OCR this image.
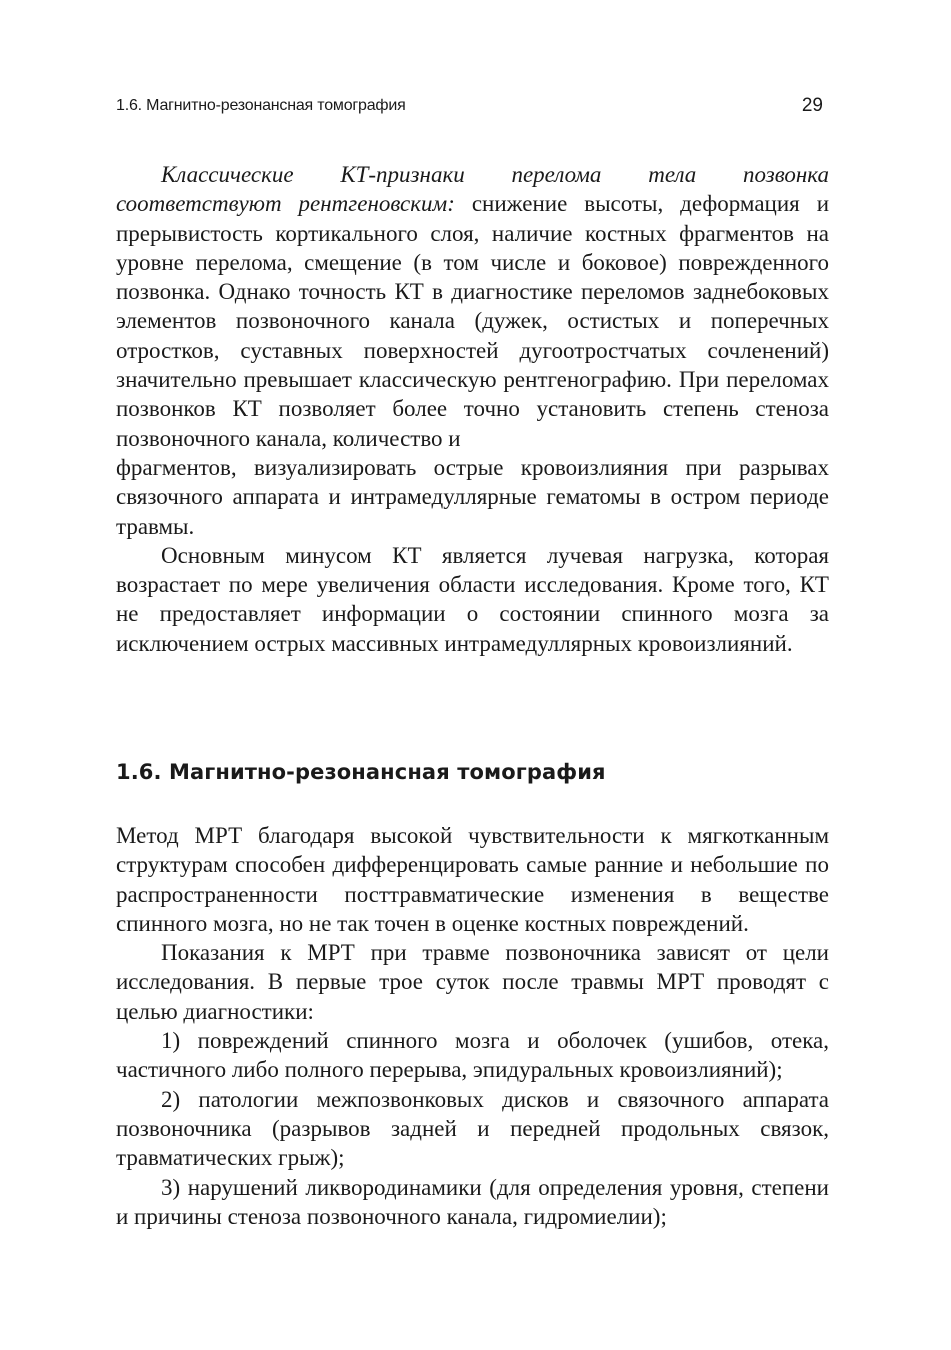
1.6. Магнитно-резонансная томография	29

Классические КТ-признаки перелома тела позвонка соответствуют рентгеновским: снижение высоты, деформация и прерывистость кортикального слоя, наличие костных фрагментов на уровне перелома, смещение (в том числе и боковое) поврежденного позвонка. Однако точность КТ в диагностике переломов заднебоковых элементов позвоночного канала (дужек, остистых и поперечных отростков, суставных поверхностей дугоотростчатых сочленений) значительно превышает классическую рентгенографию. При переломах позвонков КТ позволяет более точно установить степень стеноза позвоночного канала, количество и

фрагментов, визуализировать острые кровоизлияния при разрывах связочного аппарата и интрамедуллярные гематомы в остром периоде травмы.

Основным минусом КТ является лучевая нагрузка, которая возрастает по мере увеличения области исследования. Кроме того, КТ не предоставляет информации о состоянии спинного мозга за исключением острых массивных интрамедуллярных кровоизлияний.

1.6. Магнитно-резонансная томография

Метод МРТ благодаря высокой чувствительности к мягкотканным структурам способен дифференцировать самые ранние и небольшие по распространенности посттравматические изменения в веществе спинного мозга, но не так точен в оценке костных повреждений.

Показания к МРТ при травме позвоночника зависят от цели исследования. В первые трое суток после травмы МРТ проводят с целью диагностики:

1) повреждений спинного мозга и оболочек (ушибов, отека, частичного либо полного перерыва, эпидуральных кровоизлияний);

2) патологии межпозвонковых дисков и связочного аппарата позвоночника (разрывов задней и передней продольных связок, травматических грыж);

3) нарушений ликвородинамики (для определения уровня, степени и причины стеноза позвоночного канала, гидромиелии);
